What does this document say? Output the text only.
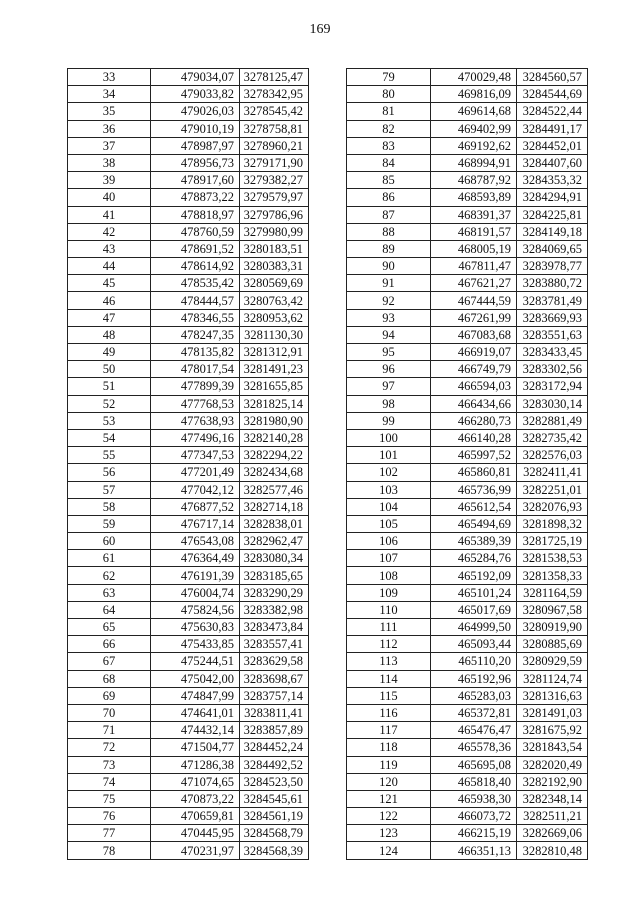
169
33	479034,07	3278125,47
34	479033,82	3278342,95
35	479026,03	3278545,42
36	479010,19	3278758,81
37	478987,97	3278960,21
38	478956,73	3279171,90
39	478917,60	3279382,27
40	478873,22	3279579,97
41	478818,97	3279786,96
42	478760,59	3279980,99
43	478691,52	3280183,51
44	478614,92	3280383,31
45	478535,42	3280569,69
46	478444,57	3280763,42
47	478346,55	3280953,62
48	478247,35	3281130,30
49	478135,82	3281312,91
50	478017,54	3281491,23
51	477899,39	3281655,85
52	477768,53	3281825,14
53	477638,93	3281980,90
54	477496,16	3282140,28
55	477347,53	3282294,22
56	477201,49	3282434,68
57	477042,12	3282577,46
58	476877,52	3282714,18
59	476717,14	3282838,01
60	476543,08	3282962,47
61	476364,49	3283080,34
62	476191,39	3283185,65
63	476004,74	3283290,29
64	475824,56	3283382,98
65	475630,83	3283473,84
66	475433,85	3283557,41
67	475244,51	3283629,58
68	475042,00	3283698,67
69	474847,99	3283757,14
70	474641,01	3283811,41
71	474432,14	3283857,89
72	471504,77	3284452,24
73	471286,38	3284492,52
74	471074,65	3284523,50
75	470873,22	3284545,61
76	470659,81	3284561,19
77	470445,95	3284568,79
78	470231,97	3284568,39
79	470029,48	3284560,57
80	469816,09	3284544,69
81	469614,68	3284522,44
82	469402,99	3284491,17
83	469192,62	3284452,01
84	468994,91	3284407,60
85	468787,92	3284353,32
86	468593,89	3284294,91
87	468391,37	3284225,81
88	468191,57	3284149,18
89	468005,19	3284069,65
90	467811,47	3283978,77
91	467621,27	3283880,72
92	467444,59	3283781,49
93	467261,99	3283669,93
94	467083,68	3283551,63
95	466919,07	3283433,45
96	466749,79	3283302,56
97	466594,03	3283172,94
98	466434,66	3283030,14
99	466280,73	3282881,49
100	466140,28	3282735,42
101	465997,52	3282576,03
102	465860,81	3282411,41
103	465736,99	3282251,01
104	465612,54	3282076,93
105	465494,69	3281898,32
106	465389,39	3281725,19
107	465284,76	3281538,53
108	465192,09	3281358,33
109	465101,24	3281164,59
110	465017,69	3280967,58
111	464999,50	3280919,90
112	465093,44	3280885,69
113	465110,20	3280929,59
114	465192,96	3281124,74
115	465283,03	3281316,63
116	465372,81	3281491,03
117	465476,47	3281675,92
118	465578,36	3281843,54
119	465695,08	3282020,49
120	465818,40	3282192,90
121	465938,30	3282348,14
122	466073,72	3282511,21
123	466215,19	3282669,06
124	466351,13	3282810,48
